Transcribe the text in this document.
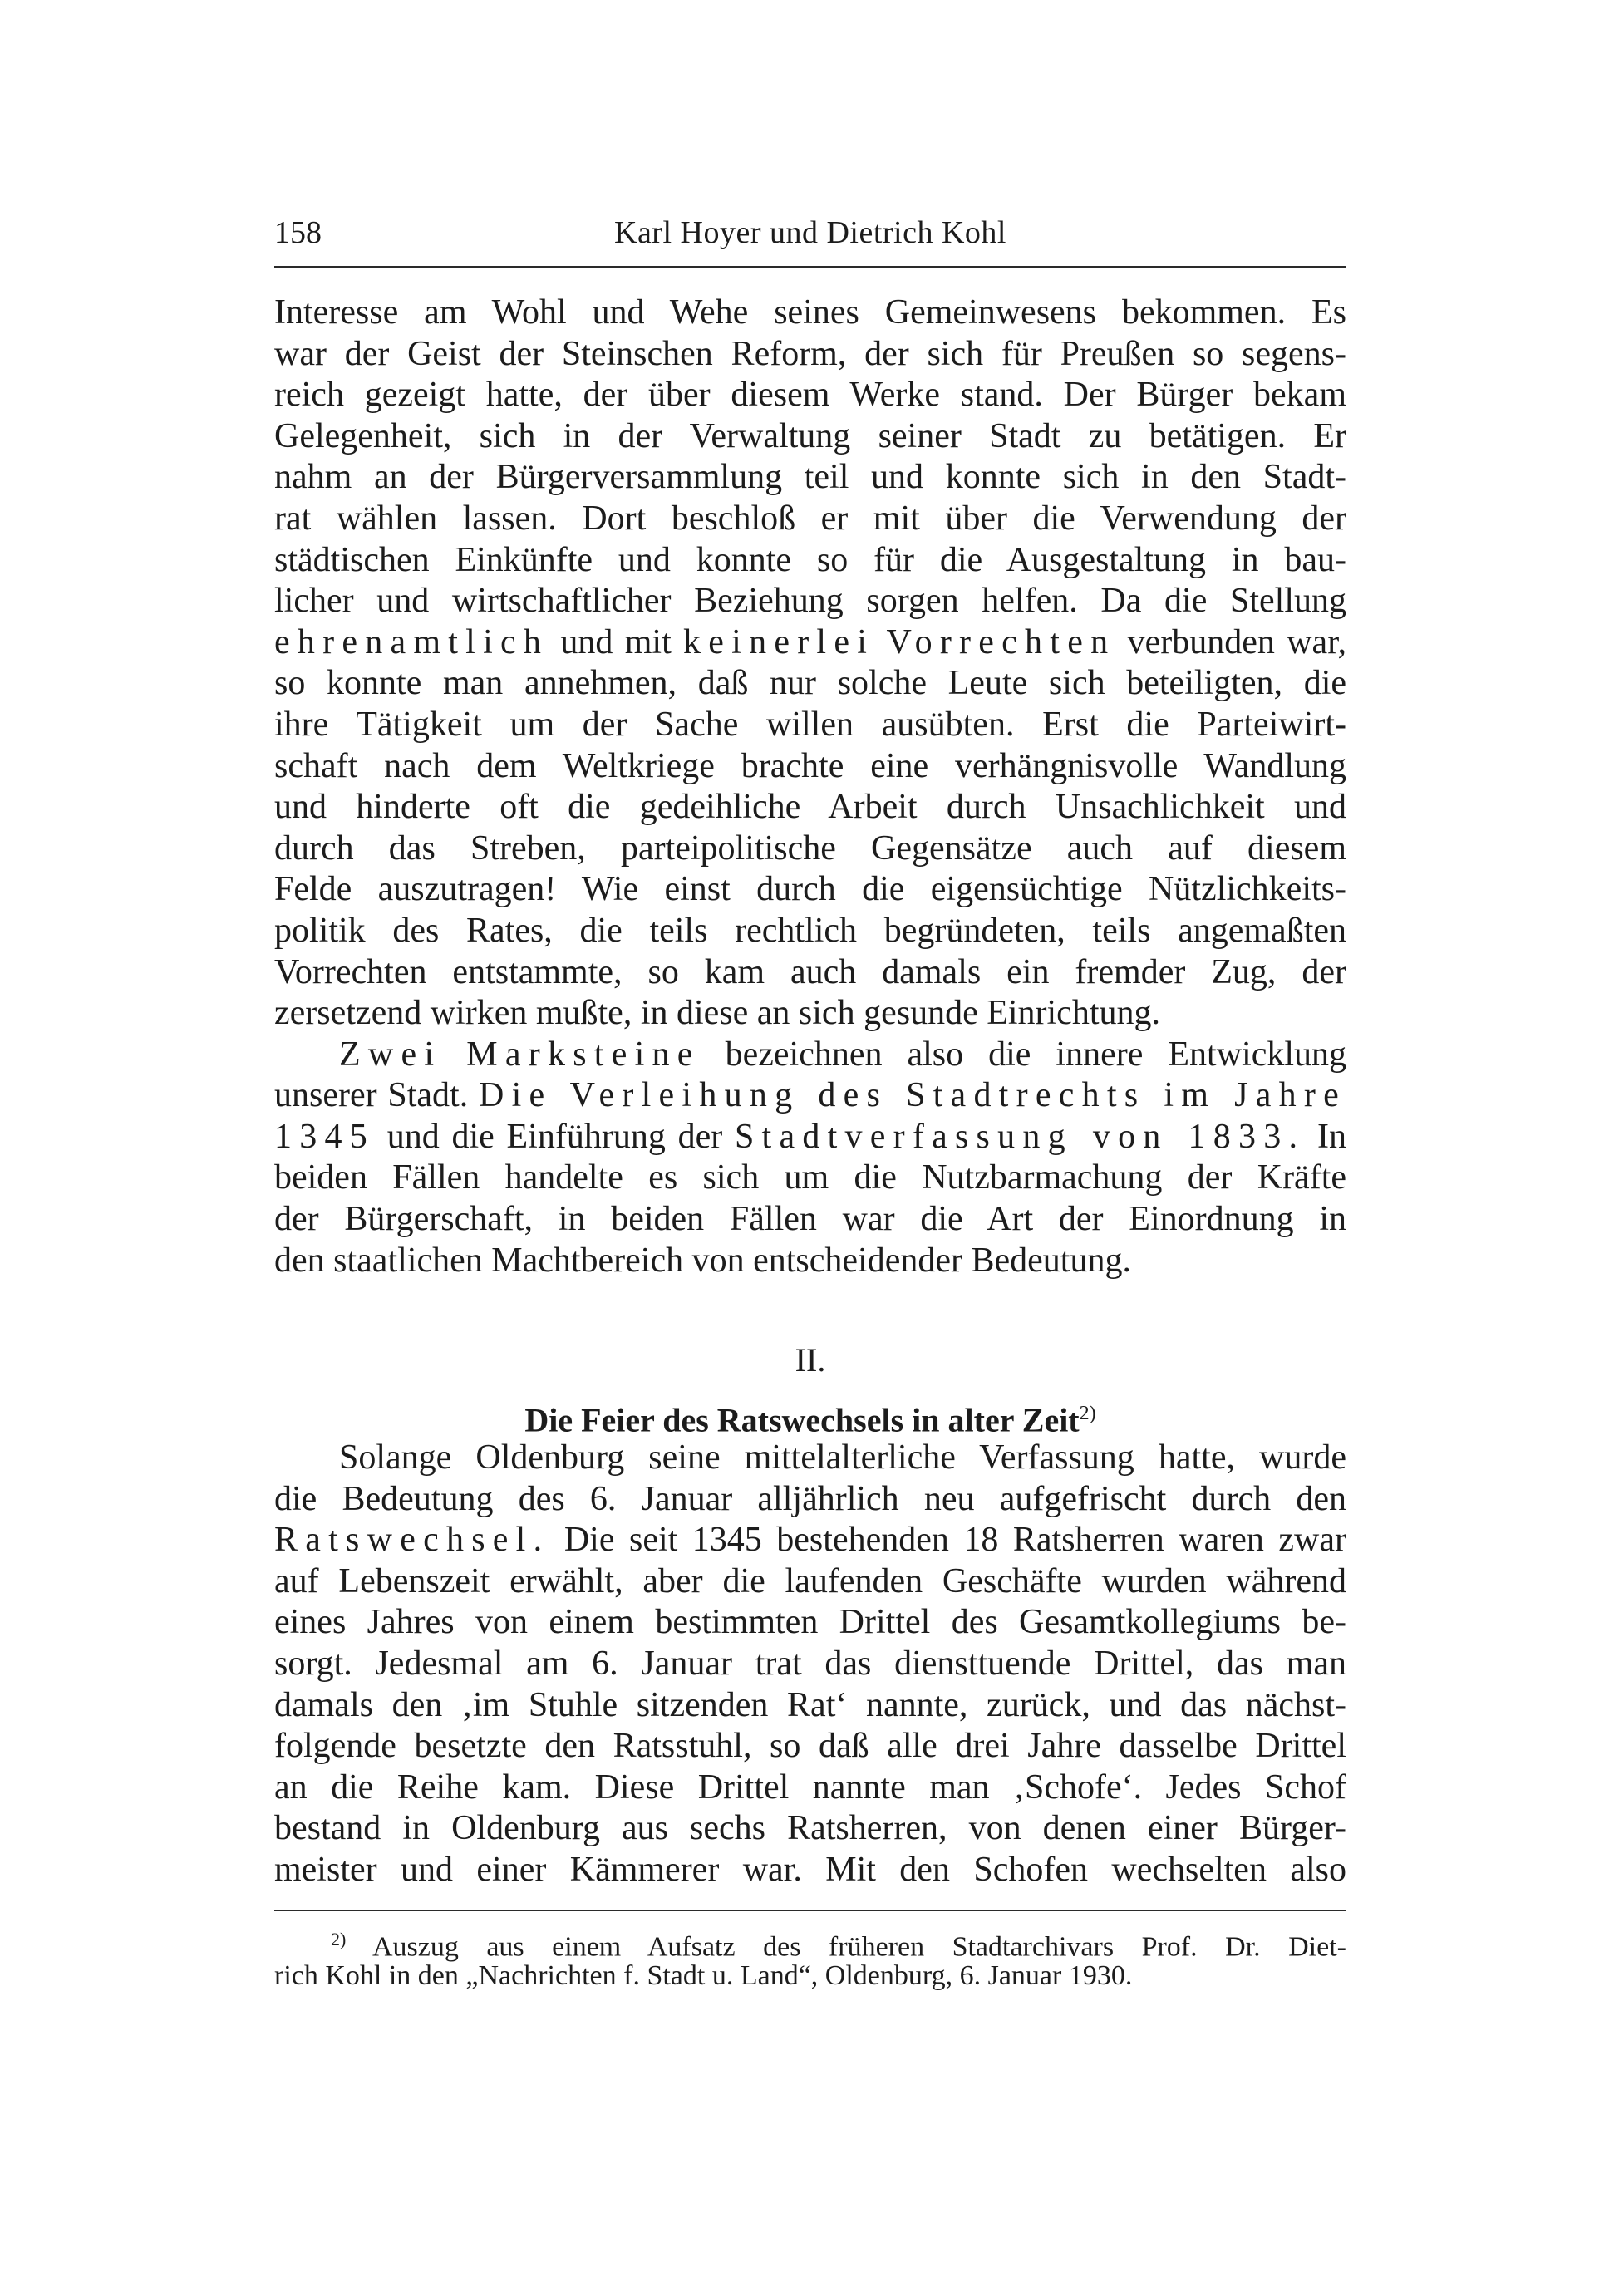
158	Karl Hoyer und Dietrich Kohl
Interesse am Wohl und Wehe seines Gemeinwesens bekommen. Es
war der Geist der Steinschen Reform, der sich für Preußen so segens-
reich gezeigt hatte, der über diesem Werke stand. Der Bürger bekam
Gelegenheit, sich in der Verwaltung seiner Stadt zu betätigen. Er
nahm an der Bürgerversammlung teil und konnte sich in den Stadt-
rat wählen lassen. Dort beschloß er mit über die Verwendung der
städtischen Einkünfte und konnte so für die Ausgestaltung in bau-
licher und wirtschaftlicher Beziehung sorgen helfen. Da die Stellung
ehrenamtlich und mit keinerlei Vorrechten verbunden war,
so konnte man annehmen, daß nur solche Leute sich beteiligten, die
ihre Tätigkeit um der Sache willen ausübten. Erst die Parteiwirt-
schaft nach dem Weltkriege brachte eine verhängnisvolle Wandlung
und hinderte oft die gedeihliche Arbeit durch Unsachlichkeit und
durch das Streben, parteipolitische Gegensätze auch auf diesem
Felde auszutragen! Wie einst durch die eigensüchtige Nützlichkeits-
politik des Rates, die teils rechtlich begründeten, teils angemaßten
Vorrechten entstammte, so kam auch damals ein fremder Zug, der
zersetzend wirken mußte, in diese an sich gesunde Einrichtung.
Zwei Marksteine bezeichnen also die innere Entwicklung
unserer Stadt. Die Verleihung des Stadtrechts im Jahre
1345 und die Einführung der Stadtverfassung von 1833. In
beiden Fällen handelte es sich um die Nutzbarmachung der Kräfte
der Bürgerschaft, in beiden Fällen war die Art der Einordnung in
den staatlichen Machtbereich von entscheidender Bedeutung.
II.
Die Feier des Ratswechsels in alter Zeit$^{2)}$
Solange Oldenburg seine mittelalterliche Verfassung hatte, wurde
die Bedeutung des 6. Januar alljährlich neu aufgefrischt durch den
Ratswechsel. Die seit 1345 bestehenden 18 Ratsherren waren zwar
auf Lebenszeit erwählt, aber die laufenden Geschäfte wurden während
eines Jahres von einem bestimmten Drittel des Gesamtkollegiums be-
sorgt. Jedesmal am 6. Januar trat das diensttuende Drittel, das man
damals den ‚im Stuhle sitzenden Rat‘ nannte, zurück, und das nächst-
folgende besetzte den Ratsstuhl, so daß alle drei Jahre dasselbe Drittel
an die Reihe kam. Diese Drittel nannte man ‚Schofe‘. Jedes Schof
bestand in Oldenburg aus sechs Ratsherren, von denen einer Bürger-
meister und einer Kämmerer war. Mit den Schofen wechselten also
$^{2)}$ Auszug aus einem Aufsatz des früheren Stadtarchivars Prof. Dr. Diet-
rich Kohl in den „Nachrichten f. Stadt u. Land“, Oldenburg, 6. Januar 1930.
